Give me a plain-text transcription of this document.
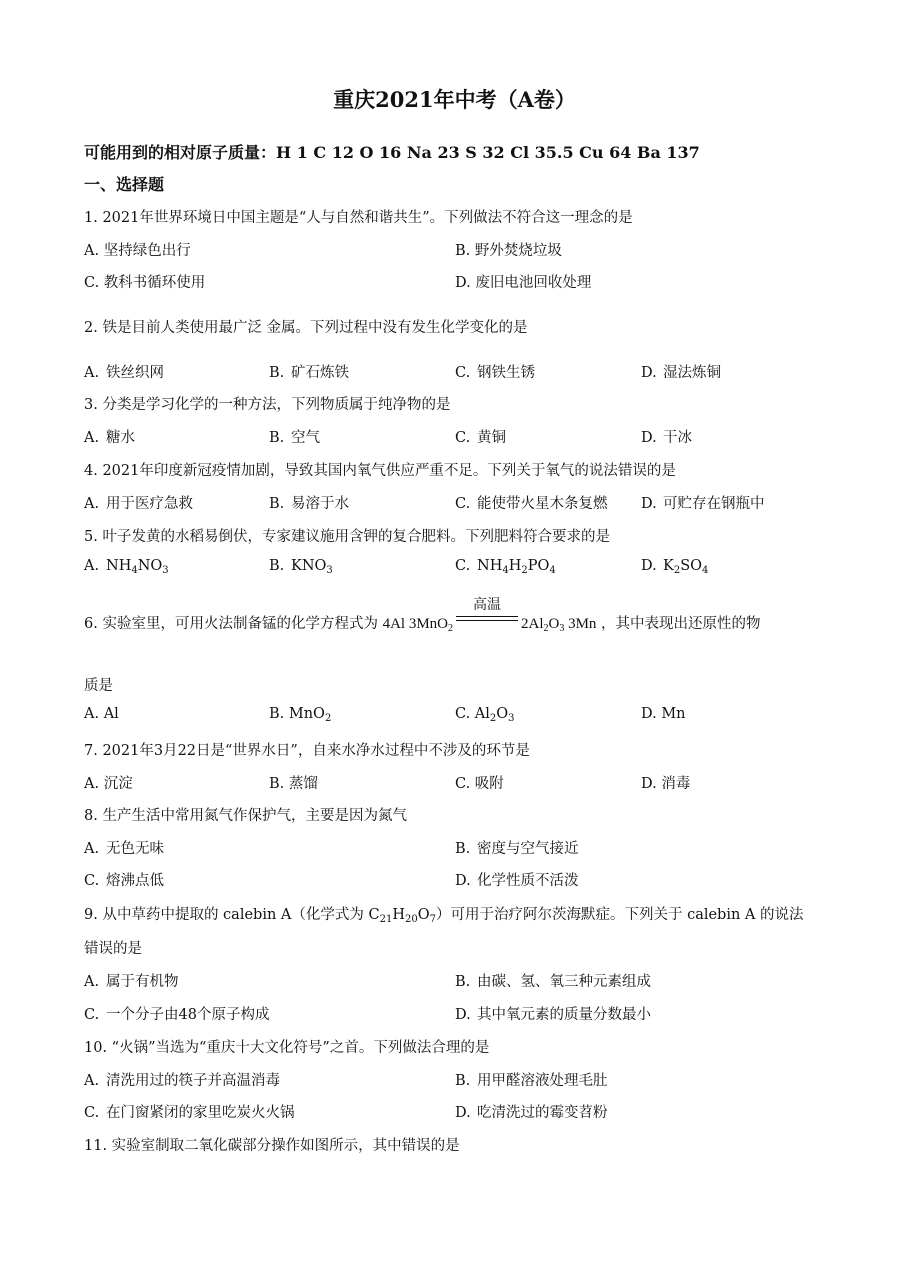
重庆2021年中考（A卷）
可能用到的相对原子质量：H 1 C 12 O 16 Na 23 S 32 Cl 35.5 Cu 64 Ba 137
一、选择题
1. 2021年世界环境日中国主题是“人与自然和谐共生”。下列做法不符合这一理念的是
A. 坚持绿色出行	B. 野外焚烧垃圾
C. 教科书循环使用	D. 废旧电池回收处理
2. 铁是目前人类使用最广泛 金属。下列过程中没有发生化学变化的是
A. 铁丝织网	B. 矿石炼铁	C. 钢铁生锈	D. 湿法炼铜
3. 分类是学习化学的一种方法，下列物质属于纯净物的是
A. 糖水	B. 空气	C. 黄铜	D. 干冰
4. 2021年印度新冠疫情加剧，导致其国内氧气供应严重不足。下列关于氧气的说法错误的是
A. 用于医疗急救	B. 易溶于水	C. 能使带火星木条复燃 D. 可贮存在钢瓶中
5. 叶子发黄的水稻易倒伏，专家建议施用含钾的复合肥料。下列肥料符合要求的是
A. $NH_4NO_3$	B. $KNO_3$	C. $NH_4H_2PO_4$	D. $K_2SO_4$
6. 实验室里，可用火法制备锰的化学方程式为 4Al 3MnO$_2$
高温
$2Al_2O_3$ 3Mn ，其中表现出还原性的物
质是
A. Al	B. MnO$_2$	C. $Al_2O_3$	D. Mn
7. 2021年3月22日是“世界水日”，自来水净水过程中不涉及的环节是
A. 沉淀	B. 蒸馏	C. 吸附	D. 消毒
8. 生产生活中常用氮气作保护气，主要是因为氮气
A. 无色无味	B. 密度与空气接近
C. 熔沸点低	D. 化学性质不活泼
9. 从中草药中提取的 calebin A（化学式为 $C_{21}H_{20}O_7$）可用于治疗阿尔茨海默症。下列关于 calebin A 的说法
错误的是
A. 属于有机物	B. 由碳、氢、氧三种元素组成
C. 一个分子由48个原子构成	D. 其中氧元素的质量分数最小
10. “火锅”当选为“重庆十大文化符号”之首。下列做法合理的是
A. 清洗用过的筷子并高温消毒	B. 用甲醛溶液处理毛肚
C. 在门窗紧闭的家里吃炭火火锅	D. 吃清洗过的霉变苕粉
11. 实验室制取二氧化碳部分操作如图所示，其中错误的是
